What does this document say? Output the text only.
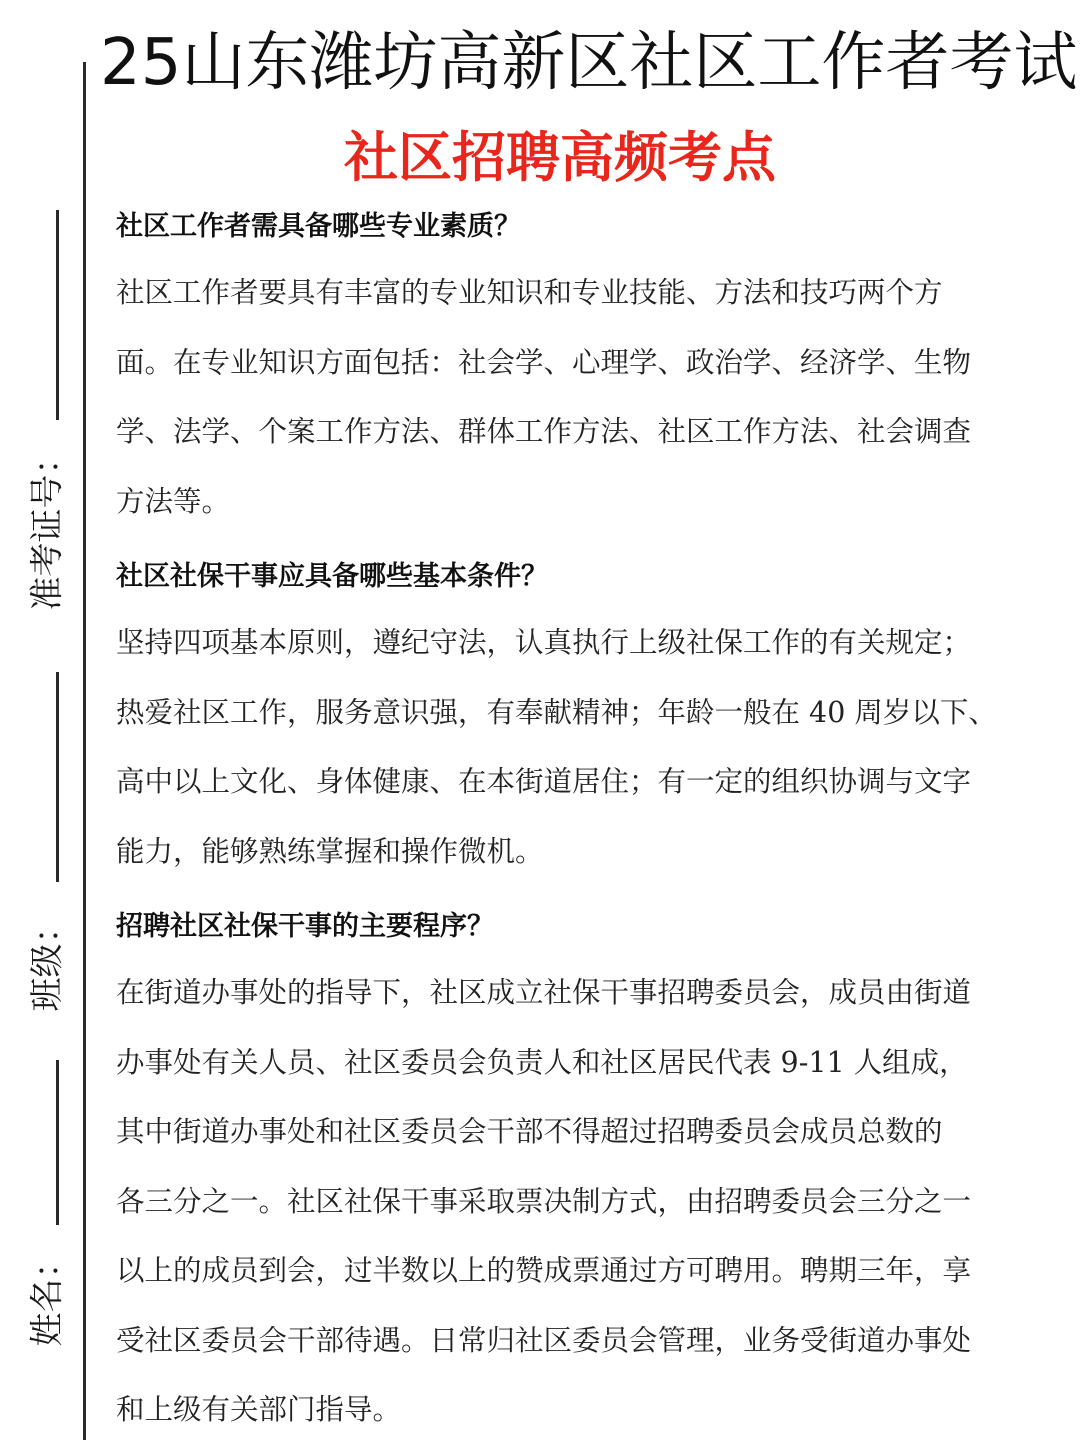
25山东潍坊高新区社区工作者考试
社区招聘高频考点
准考证号：
班级：
姓名：
社区工作者需具备哪些专业素质？
社区工作者要具有丰富的专业知识和专业技能、方法和技巧两个方
面。在专业知识方面包括：社会学、心理学、政治学、经济学、生物
学、法学、个案工作方法、群体工作方法、社区工作方法、社会调查
方法等。
社区社保干事应具备哪些基本条件？
坚持四项基本原则，遵纪守法，认真执行上级社保工作的有关规定；
热爱社区工作，服务意识强，有奉献精神；年龄一般在 40 周岁以下、
高中以上文化、身体健康、在本街道居住；有一定的组织协调与文字
能力，能够熟练掌握和操作微机。
招聘社区社保干事的主要程序？
在街道办事处的指导下，社区成立社保干事招聘委员会，成员由街道
办事处有关人员、社区委员会负责人和社区居民代表 9-11 人组成，
其中街道办事处和社区委员会干部不得超过招聘委员会成员总数的
各三分之一。社区社保干事采取票决制方式，由招聘委员会三分之一
以上的成员到会，过半数以上的赞成票通过方可聘用。聘期三年，享
受社区委员会干部待遇。日常归社区委员会管理，业务受街道办事处
和上级有关部门指导。
